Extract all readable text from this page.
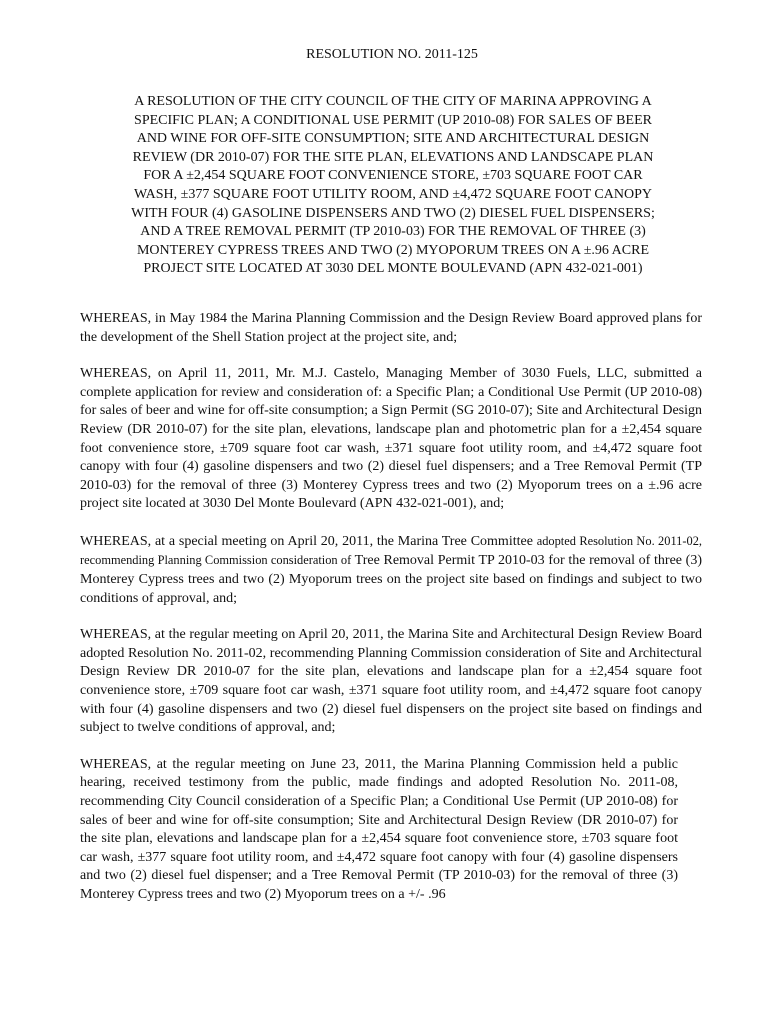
RESOLUTION NO. 2011-125
A RESOLUTION OF THE CITY COUNCIL OF THE CITY OF MARINA APPROVING A SPECIFIC PLAN; A CONDITIONAL USE PERMIT (UP 2010-08) FOR SALES OF BEER AND WINE FOR OFF-SITE CONSUMPTION; SITE AND ARCHITECTURAL DESIGN REVIEW (DR 2010-07) FOR THE SITE PLAN, ELEVATIONS AND LANDSCAPE PLAN FOR A ±2,454 SQUARE FOOT CONVENIENCE STORE, ±703 SQUARE FOOT CAR WASH, ±377 SQUARE FOOT UTILITY ROOM, AND ±4,472 SQUARE FOOT CANOPY WITH FOUR (4) GASOLINE DISPENSERS AND TWO (2) DIESEL FUEL DISPENSERS; AND A TREE REMOVAL PERMIT (TP 2010-03) FOR THE REMOVAL OF THREE (3) MONTEREY CYPRESS TREES AND TWO (2) MYOPORUM TREES ON A ±.96 ACRE PROJECT SITE LOCATED AT 3030 DEL MONTE BOULEVAND (APN 432-021-001)

WHEREAS, in May 1984 the Marina Planning Commission and the Design Review Board approved plans for the development of the Shell Station project at the project site, and;

WHEREAS, on April 11, 2011, Mr. M.J. Castelo, Managing Member of 3030 Fuels, LLC, submitted a complete application for review and consideration of: a Specific Plan; a Conditional Use Permit (UP 2010-08) for sales of beer and wine for off-site consumption; a Sign Permit (SG 2010-07); Site and Architectural Design Review (DR 2010-07) for the site plan, elevations, landscape plan and photometric plan for a ±2,454 square foot convenience store, ±709 square foot car wash, ±371 square foot utility room, and ±4,472 square foot canopy with four (4) gasoline dispensers and two (2) diesel fuel dispensers; and a Tree Removal Permit (TP 2010-03) for the removal of three (3) Monterey Cypress trees and two (2) Myoporum trees on a ±.96 acre project site located at 3030 Del Monte Boulevard (APN 432-021-001), and;

WHEREAS, at a special meeting on April 20, 2011, the Marina Tree Committee adopted Resolution No. 2011-02, recommending Planning Commission consideration of Tree Removal Permit TP 2010-03 for the removal of three (3) Monterey Cypress trees and two (2) Myoporum trees on the project site based on findings and subject to two conditions of approval, and;

WHEREAS, at the regular meeting on April 20, 2011, the Marina Site and Architectural Design Review Board adopted Resolution No. 2011-02, recommending Planning Commission consideration of Site and Architectural Design Review DR 2010-07 for the site plan, elevations and landscape plan for a ±2,454 square foot convenience store, ±709 square foot car wash, ±371 square foot utility room, and ±4,472 square foot canopy with four (4) gasoline dispensers and two (2) diesel fuel dispensers on the project site based on findings and subject to twelve conditions of approval, and;

WHEREAS, at the regular meeting on June 23, 2011, the Marina Planning Commission held a public hearing, received testimony from the public, made findings and adopted Resolution No. 2011-08, recommending City Council consideration of a Specific Plan; a Conditional Use Permit (UP 2010-08) for sales of beer and wine for off-site consumption; Site and Architectural Design Review (DR 2010-07) for the site plan, elevations and landscape plan for a ±2,454 square foot convenience store, ±703 square foot car wash, ±377 square foot utility room, and ±4,472 square foot canopy with four (4) gasoline dispensers and two (2) diesel fuel dispenser; and a Tree Removal Permit (TP 2010-03) for the removal of three (3) Monterey Cypress trees and two (2) Myoporum trees on a +/- .96
